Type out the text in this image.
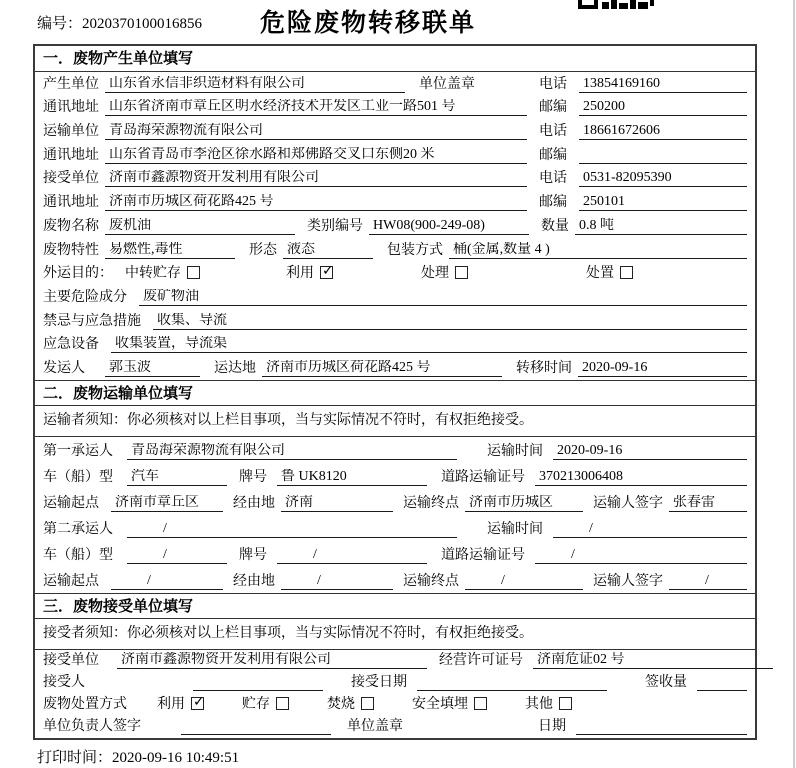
编号：2020370100016856	危险废物转移联单
一．废物产生单位填写
产生单位 山东省永信非织造材料有限公司	单位盖章	电话	13854169160
通讯地址 山东省济南市章丘区明水经济技术开发区工业一路501 号	邮编	250200
运输单位 青岛海荣源物流有限公司	电话	18661672606
通讯地址 山东省青岛市李沧区徐水路和郑佛路交叉口东侧20 米	邮编
接受单位 济南市鑫源物资开发利用有限公司	电话	0531-82095390
通讯地址 济南市历城区荷花路425 号	邮编	250101
废物名称 废机油	类别编号 HW08(900-249-08)	数量 0.8 吨
废物特性 易燃性,毒性	形态 液态	包装方式 桶(金属,数量 4 )
外运目的： 中转贮存	利用 ✓	处理	处置
主要危险成分	废矿物油
禁忌与应急措施	收集、导流
应急设备	收集装置，导流渠
发运人	郭玉波	运达地 济南市历城区荷花路425 号	转移时间 2020-09-16
二．废物运输单位填写
运输者须知：你必须核对以上栏目事项，当与实际情况不符时，有权拒绝接受。
第一承运人	青岛海荣源物流有限公司	运输时间 2020-09-16
车（船）型	汽车	牌号 鲁 UK8120	道路运输证号 370213006408
运输起点	济南市章丘区	经由地 济南	运输终点 济南市历城区	运输人签字 张春雷
第二承运人	/	运输时间	/
车（船）型	/	牌号	/	道路运输证号	/
运输起点	/	经由地	/	运输终点	/	运输人签字	/
三．废物接受单位填写
接受者须知：你必须核对以上栏目事项，当与实际情况不符时，有权拒绝接受。
接受单位	济南市鑫源物资开发利用有限公司	经营许可证号 济南危证02 号
接受人	接受日期	签收量
废物处置方式 利用 ✓	贮存	焚烧	安全填埋	其他
单位负责人签字	单位盖章	日期
打印时间：2020-09-16 10:49:51
